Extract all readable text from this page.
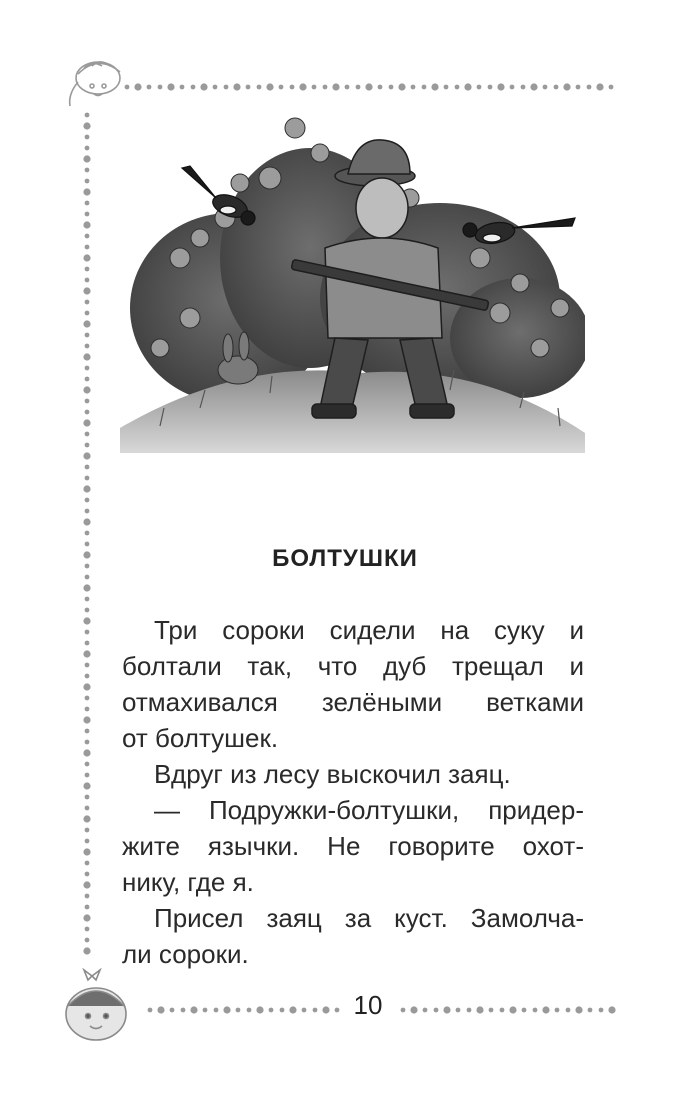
БОЛТУШКИ

Три сороки сидели на суку и
болтали так, что дуб трещал и
отмахивался зелёными ветками
от болтушек.

Вдруг из лесу выскочил заяц.

— Подружки-болтушки, придер-
жите язычки. Не говорите охот-
нику, где я.

Присел заяц за куст. Замолча-
ли сороки.

10
